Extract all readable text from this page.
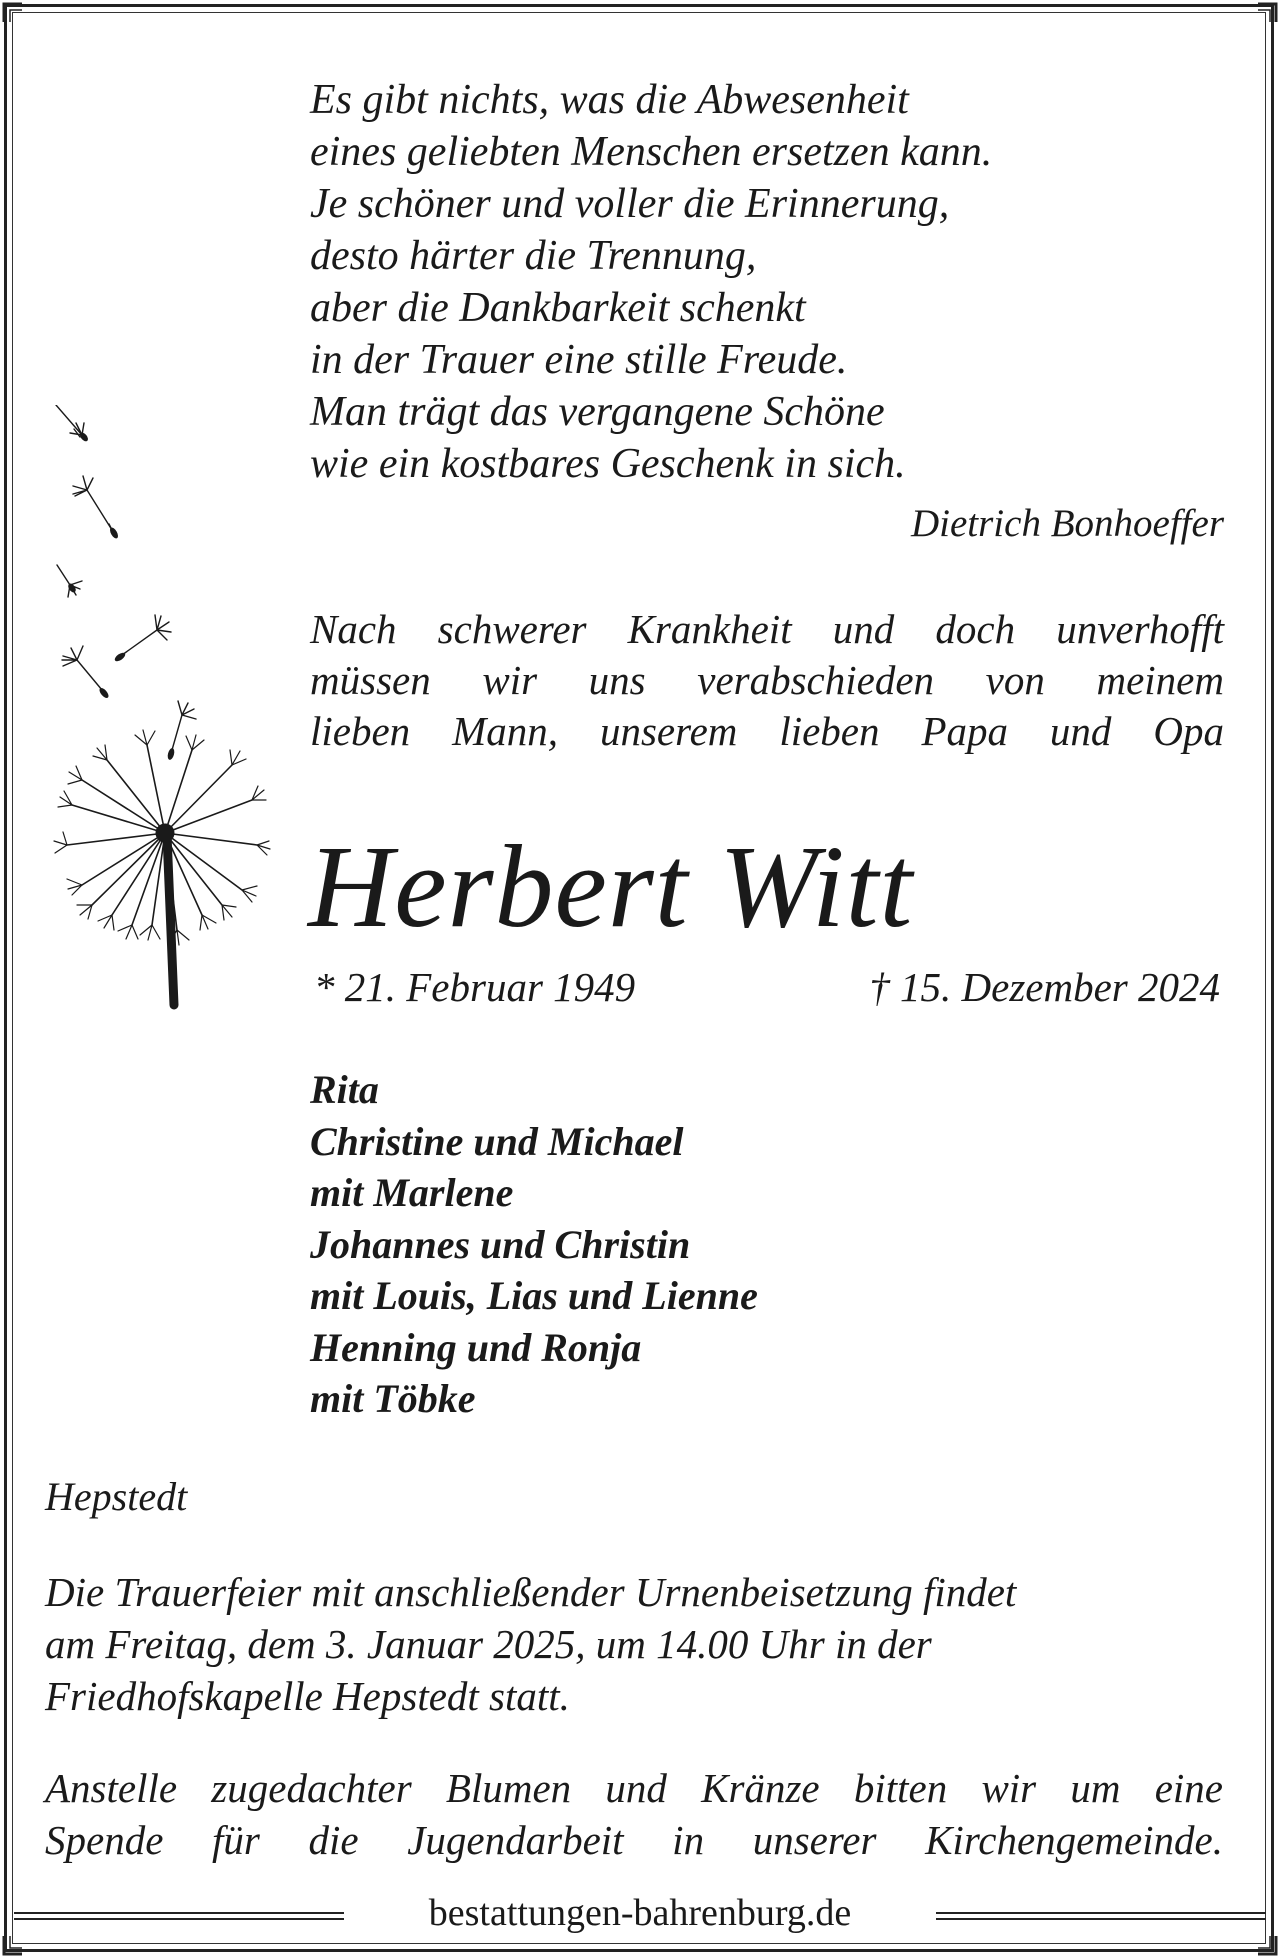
Es gibt nichts, was die Abwesenheit
eines geliebten Menschen ersetzen kann.
Je schöner und voller die Erinnerung,
desto härter die Trennung,
aber die Dankbarkeit schenkt
in der Trauer eine stille Freude.
Man trägt das vergangene Schöne
wie ein kostbares Geschenk in sich.
Dietrich Bonhoeffer
Nach schwerer Krankheit und doch unverhofft
müssen wir uns verabschieden von meinem
lieben Mann, unserem lieben Papa und Opa
Herbert Witt
* 21. Februar 1949	† 15. Dezember 2024
Rita
Christine und Michael
mit Marlene
Johannes und Christin
mit Louis, Lias und Lienne
Henning und Ronja
mit Töbke
Hepstedt
Die Trauerfeier mit anschließender Urnenbeisetzung findet
am Freitag, dem 3. Januar 2025, um 14.00 Uhr in der
Friedhofskapelle Hepstedt statt.
Anstelle zugedachter Blumen und Kränze bitten wir um eine
Spende für die Jugendarbeit in unserer Kirchengemeinde.
bestattungen-bahrenburg.de
